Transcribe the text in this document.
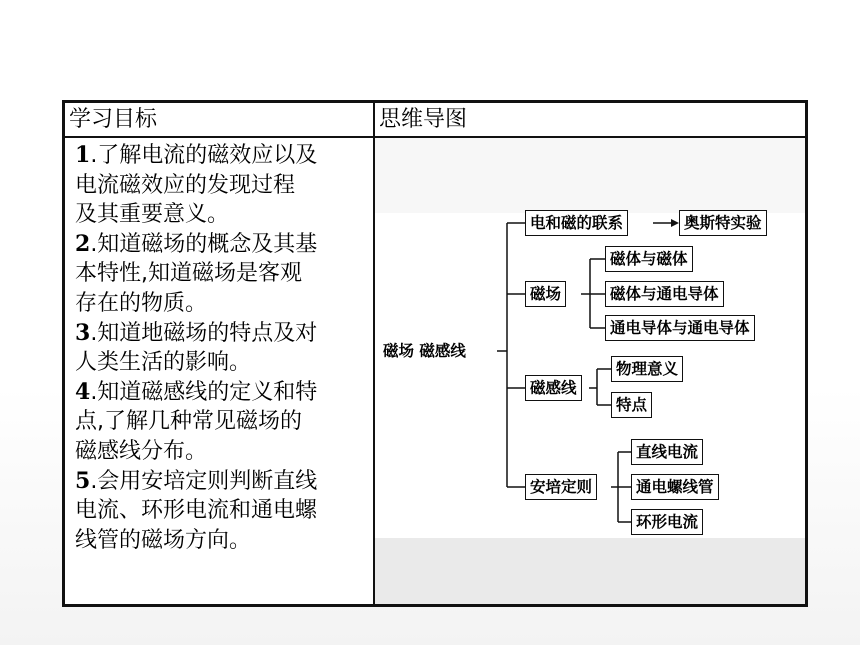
学习目标	思维导图
1.了解电流的磁效应以及
电流磁效应的发现过程
及其重要意义。
2.知道磁场的概念及其基
本特性,知道磁场是客观
存在的物质。
3.知道地磁场的特点及对
人类生活的影响。
4.知道磁感线的定义和特
点,了解几种常见磁场的
磁感线分布。
5.会用安培定则判断直线
电流、环形电流和通电螺
线管的磁场方向。
磁场 磁感线
电和磁的联系	奥斯特实验
磁场
磁体与磁体
磁体与通电导体
通电导体与通电导体
磁感线
物理意义
特点
安培定则
直线电流
通电螺线管
环形电流
